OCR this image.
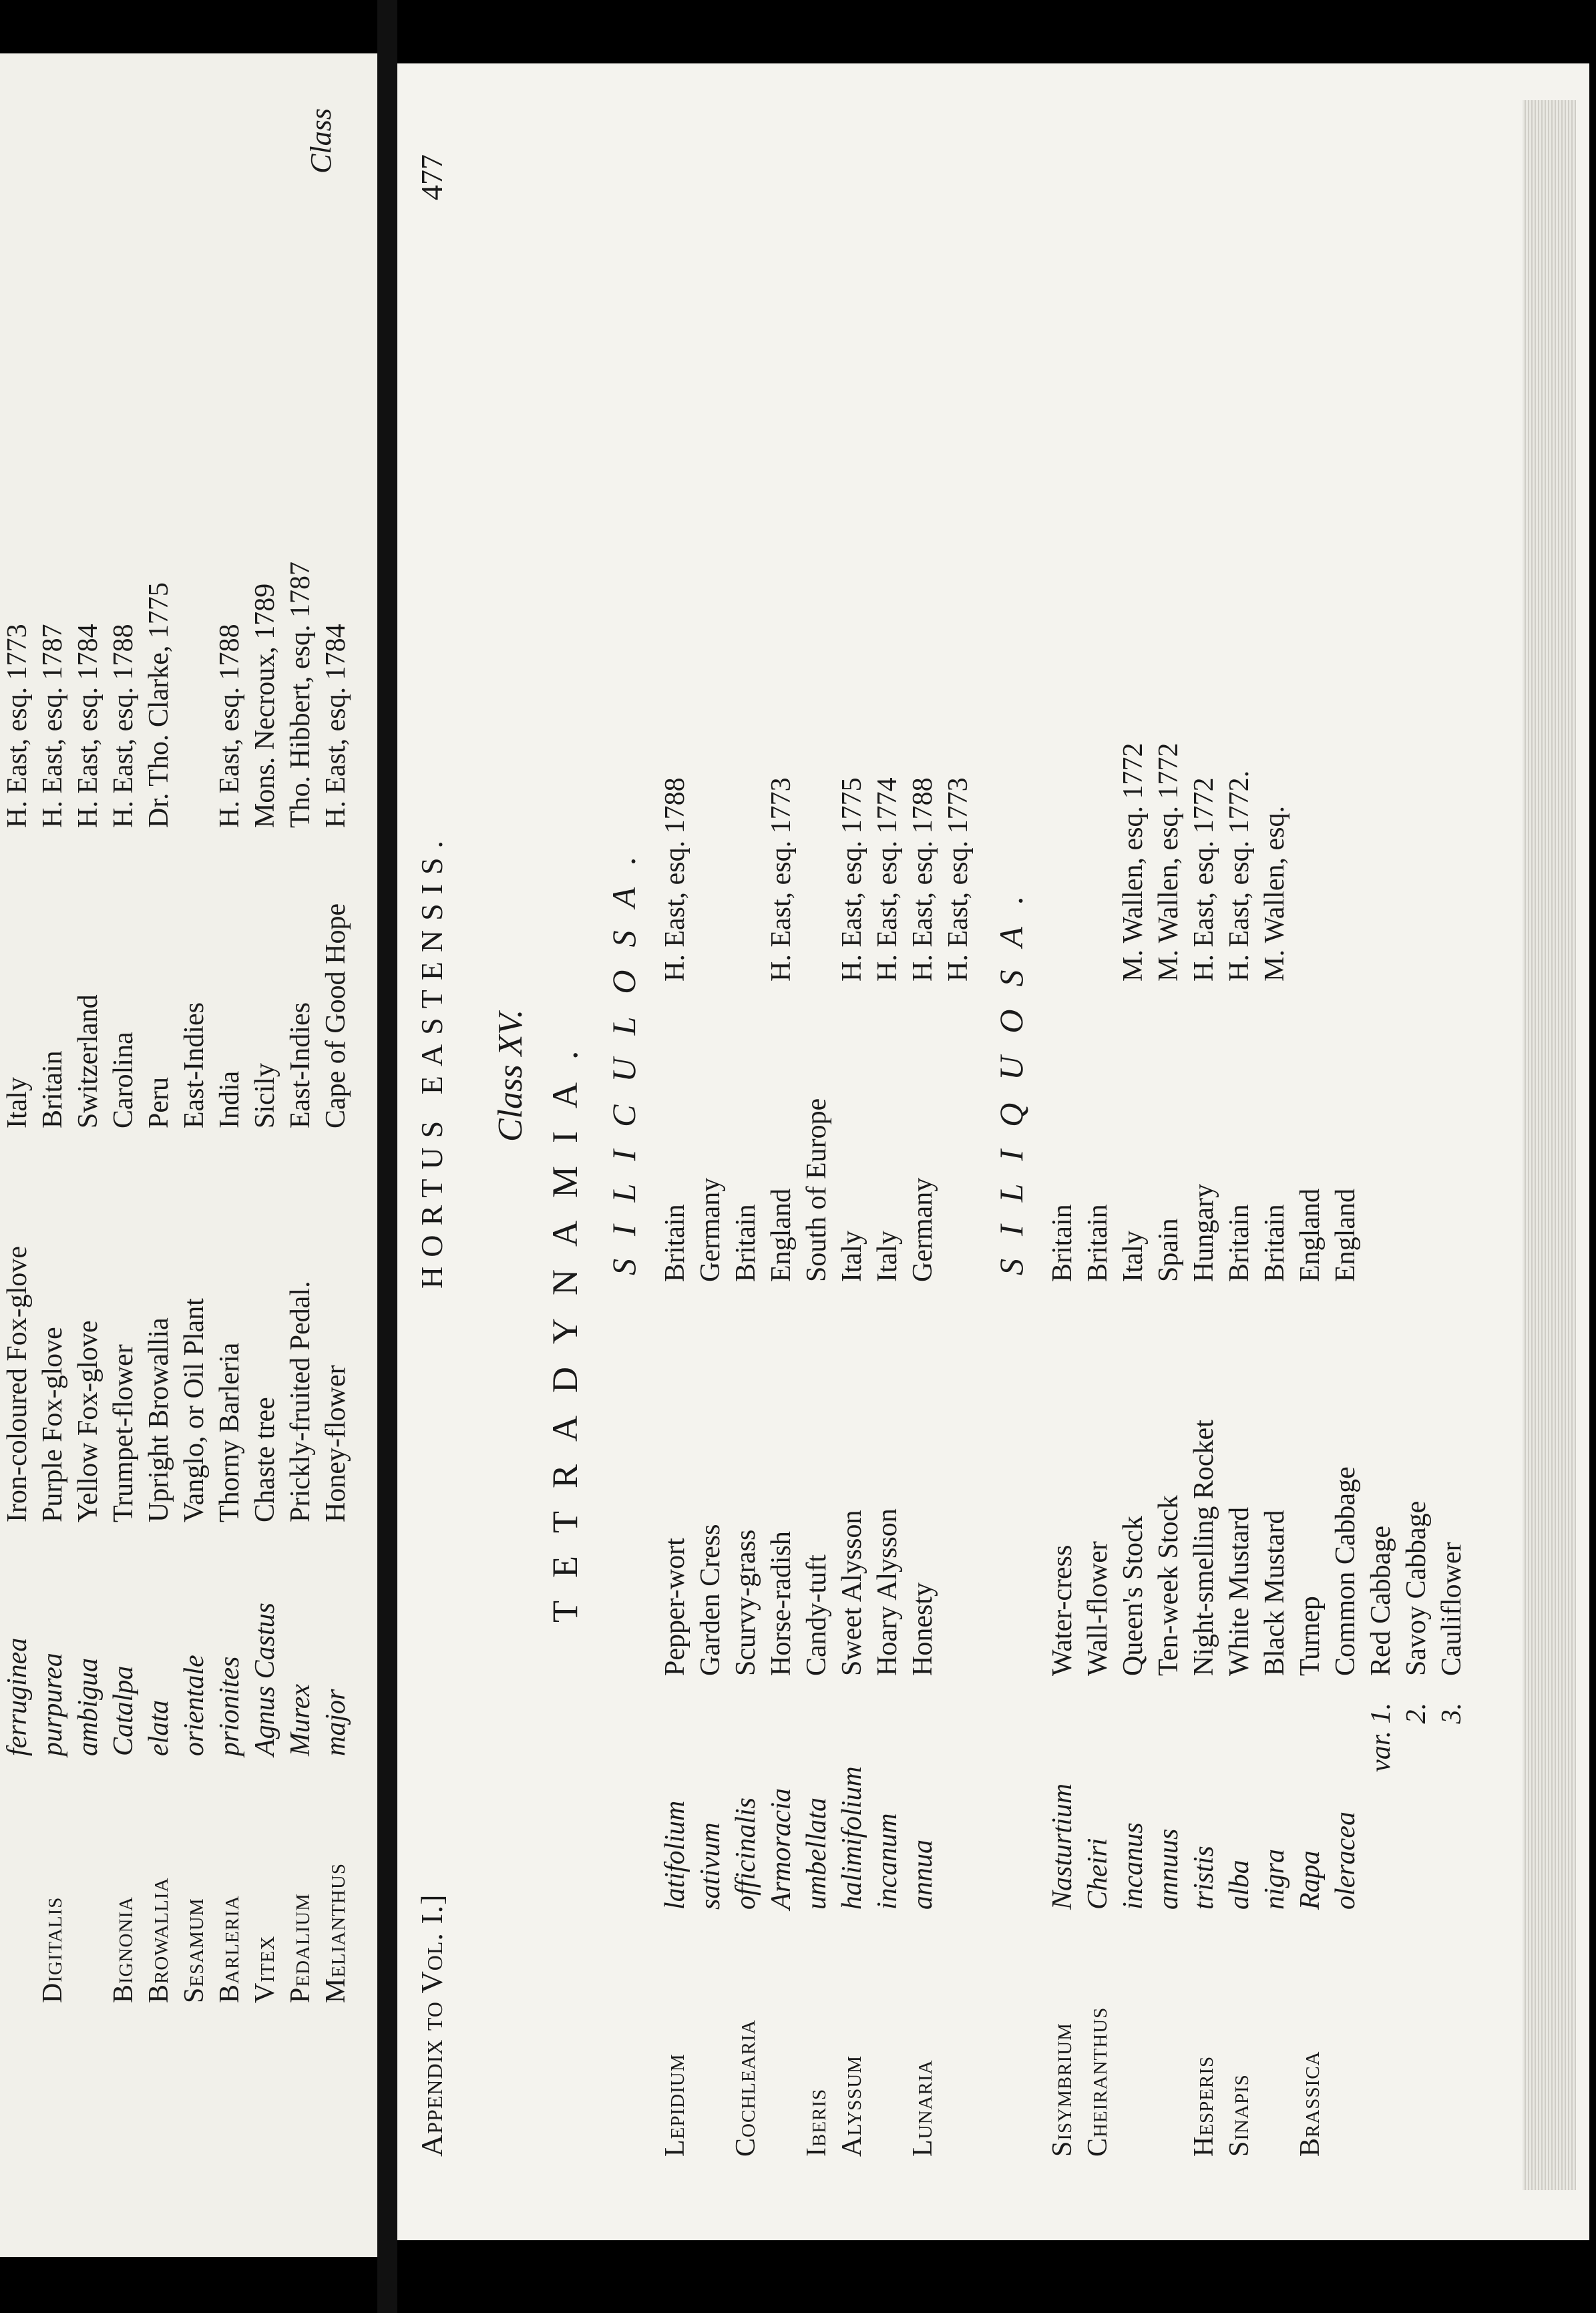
ferruginea
Iron-coloured Fox-glove
Italy
H. East, esq. 1773
Digitalis
purpurea
Purple Fox-glove
Britain
H. East, esq. 1787
ambigua
Yellow Fox-glove
Switzerland
H. East, esq. 1784
Bignonia
Catalpa
Trumpet-flower
Carolina
H. East, esq. 1788
Browallia
elata
Upright Browallia
Peru
Dr. Tho. Clarke, 1775
Sesamum
orientale
Vanglo, or Oil Plant
East-Indies
Barleria
prionites
Thorny Barleria
India
H. East, esq. 1788
Vitex
Agnus Castus
Chaste tree
Sicily
Mons. Necroux, 1789
Pedalium
Murex
Prickly-fruited Pedal.
East-Indies
Tho. Hibbert, esq. 1787
Melianthus
major
Honey-flower
Cape of Good Hope
H. East, esq. 1784
Class
Appendix to Vol. I.]
HORTUS EASTENSIS.
477
Class XV. TETRADYNAMIA. SILICULOSA.
Lepidium
latifolium
Pepper-wort
Britain
H. East, esq. 1788
sativum
Garden Cress
Germany
Cochlearia
officinalis
Scurvy-grass
Britain
Armoracia
Horse-radish
England
H. East, esq. 1773
Iberis
umbellata
Candy-tuft
South of Europe
Alyssum
halimifolium
Sweet Alysson
Italy
H. East, esq. 1775
incanum
Hoary Alysson
Italy
H. East, esq. 1774
Lunaria
annua
Honesty
Germany
H. East, esq. 1788 H. East, esq. 1773 SILIQUOSA.
Sisymbrium
Nasturtium
Water-cress
Britain
Cheiranthus
Cheiri
Wall-flower
Britain
incanus
Queen's Stock
Italy
M. Wallen, esq. 1772
annuus
Ten-week Stock
Spain
M. Wallen, esq. 1772
Hesperis
tristis
Night-smelling Rocket
Hungary
H. East, esq. 1772
Sinapis
alba
White Mustard
Britain
H. East, esq. 1772.
nigra
Black Mustard
Britain
M. Wallen, esq.
Brassica
Rapa
Turnep
England
oleracea
Common Cabbage
England
var. 1.
Red Cabbage
2.
Savoy Cabbage
3.
Cauliflower
